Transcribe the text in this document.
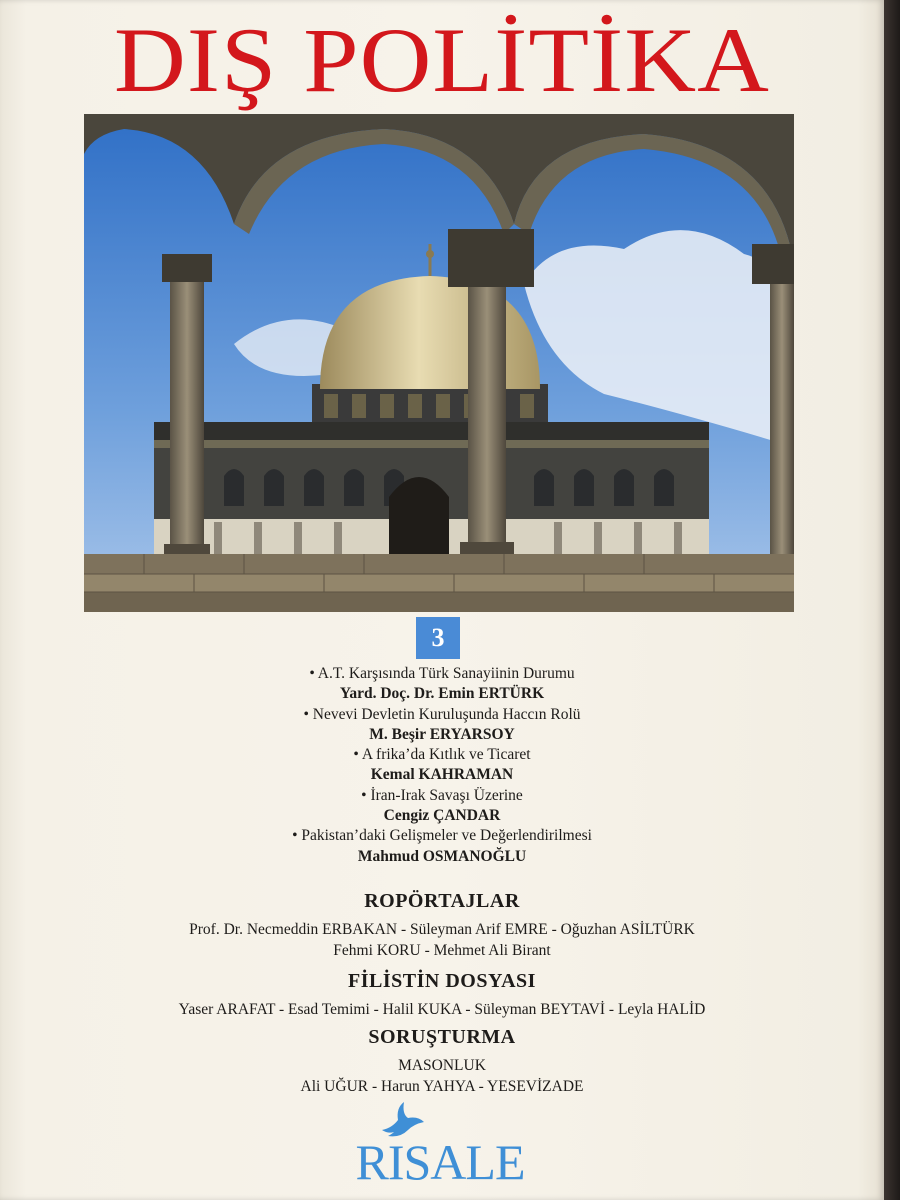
DIŞ POLİTİKA
3
• A.T. Karşısında Türk Sanayiinin Durumu
Yard. Doç. Dr. Emin ERTÜRK
• Nevevi Devletin Kuruluşunda Haccın Rolü
M. Beşir ERYARSOY
• A frika’da Kıtlık ve Ticaret
Kemal KAHRAMAN
• İran-Irak Savaşı Üzerine
Cengiz ÇANDAR
• Pakistan’daki Gelişmeler ve Değerlendirilmesi
Mahmud OSMANOĞLU
ROPÖRTAJLAR
Prof. Dr. Necmeddin ERBAKAN - Süleyman Arif EMRE - Oğuzhan ASİLTÜRK
Fehmi KORU - Mehmet Ali Birant
FİLİSTİN DOSYASI
Yaser ARAFAT - Esad Temimi - Halil KUKA - Süleyman BEYTAVİ - Leyla HALİD
SORUŞTURMA
MASONLUK
Ali UĞUR - Harun YAHYA - YESEVİZADE
RISALE
